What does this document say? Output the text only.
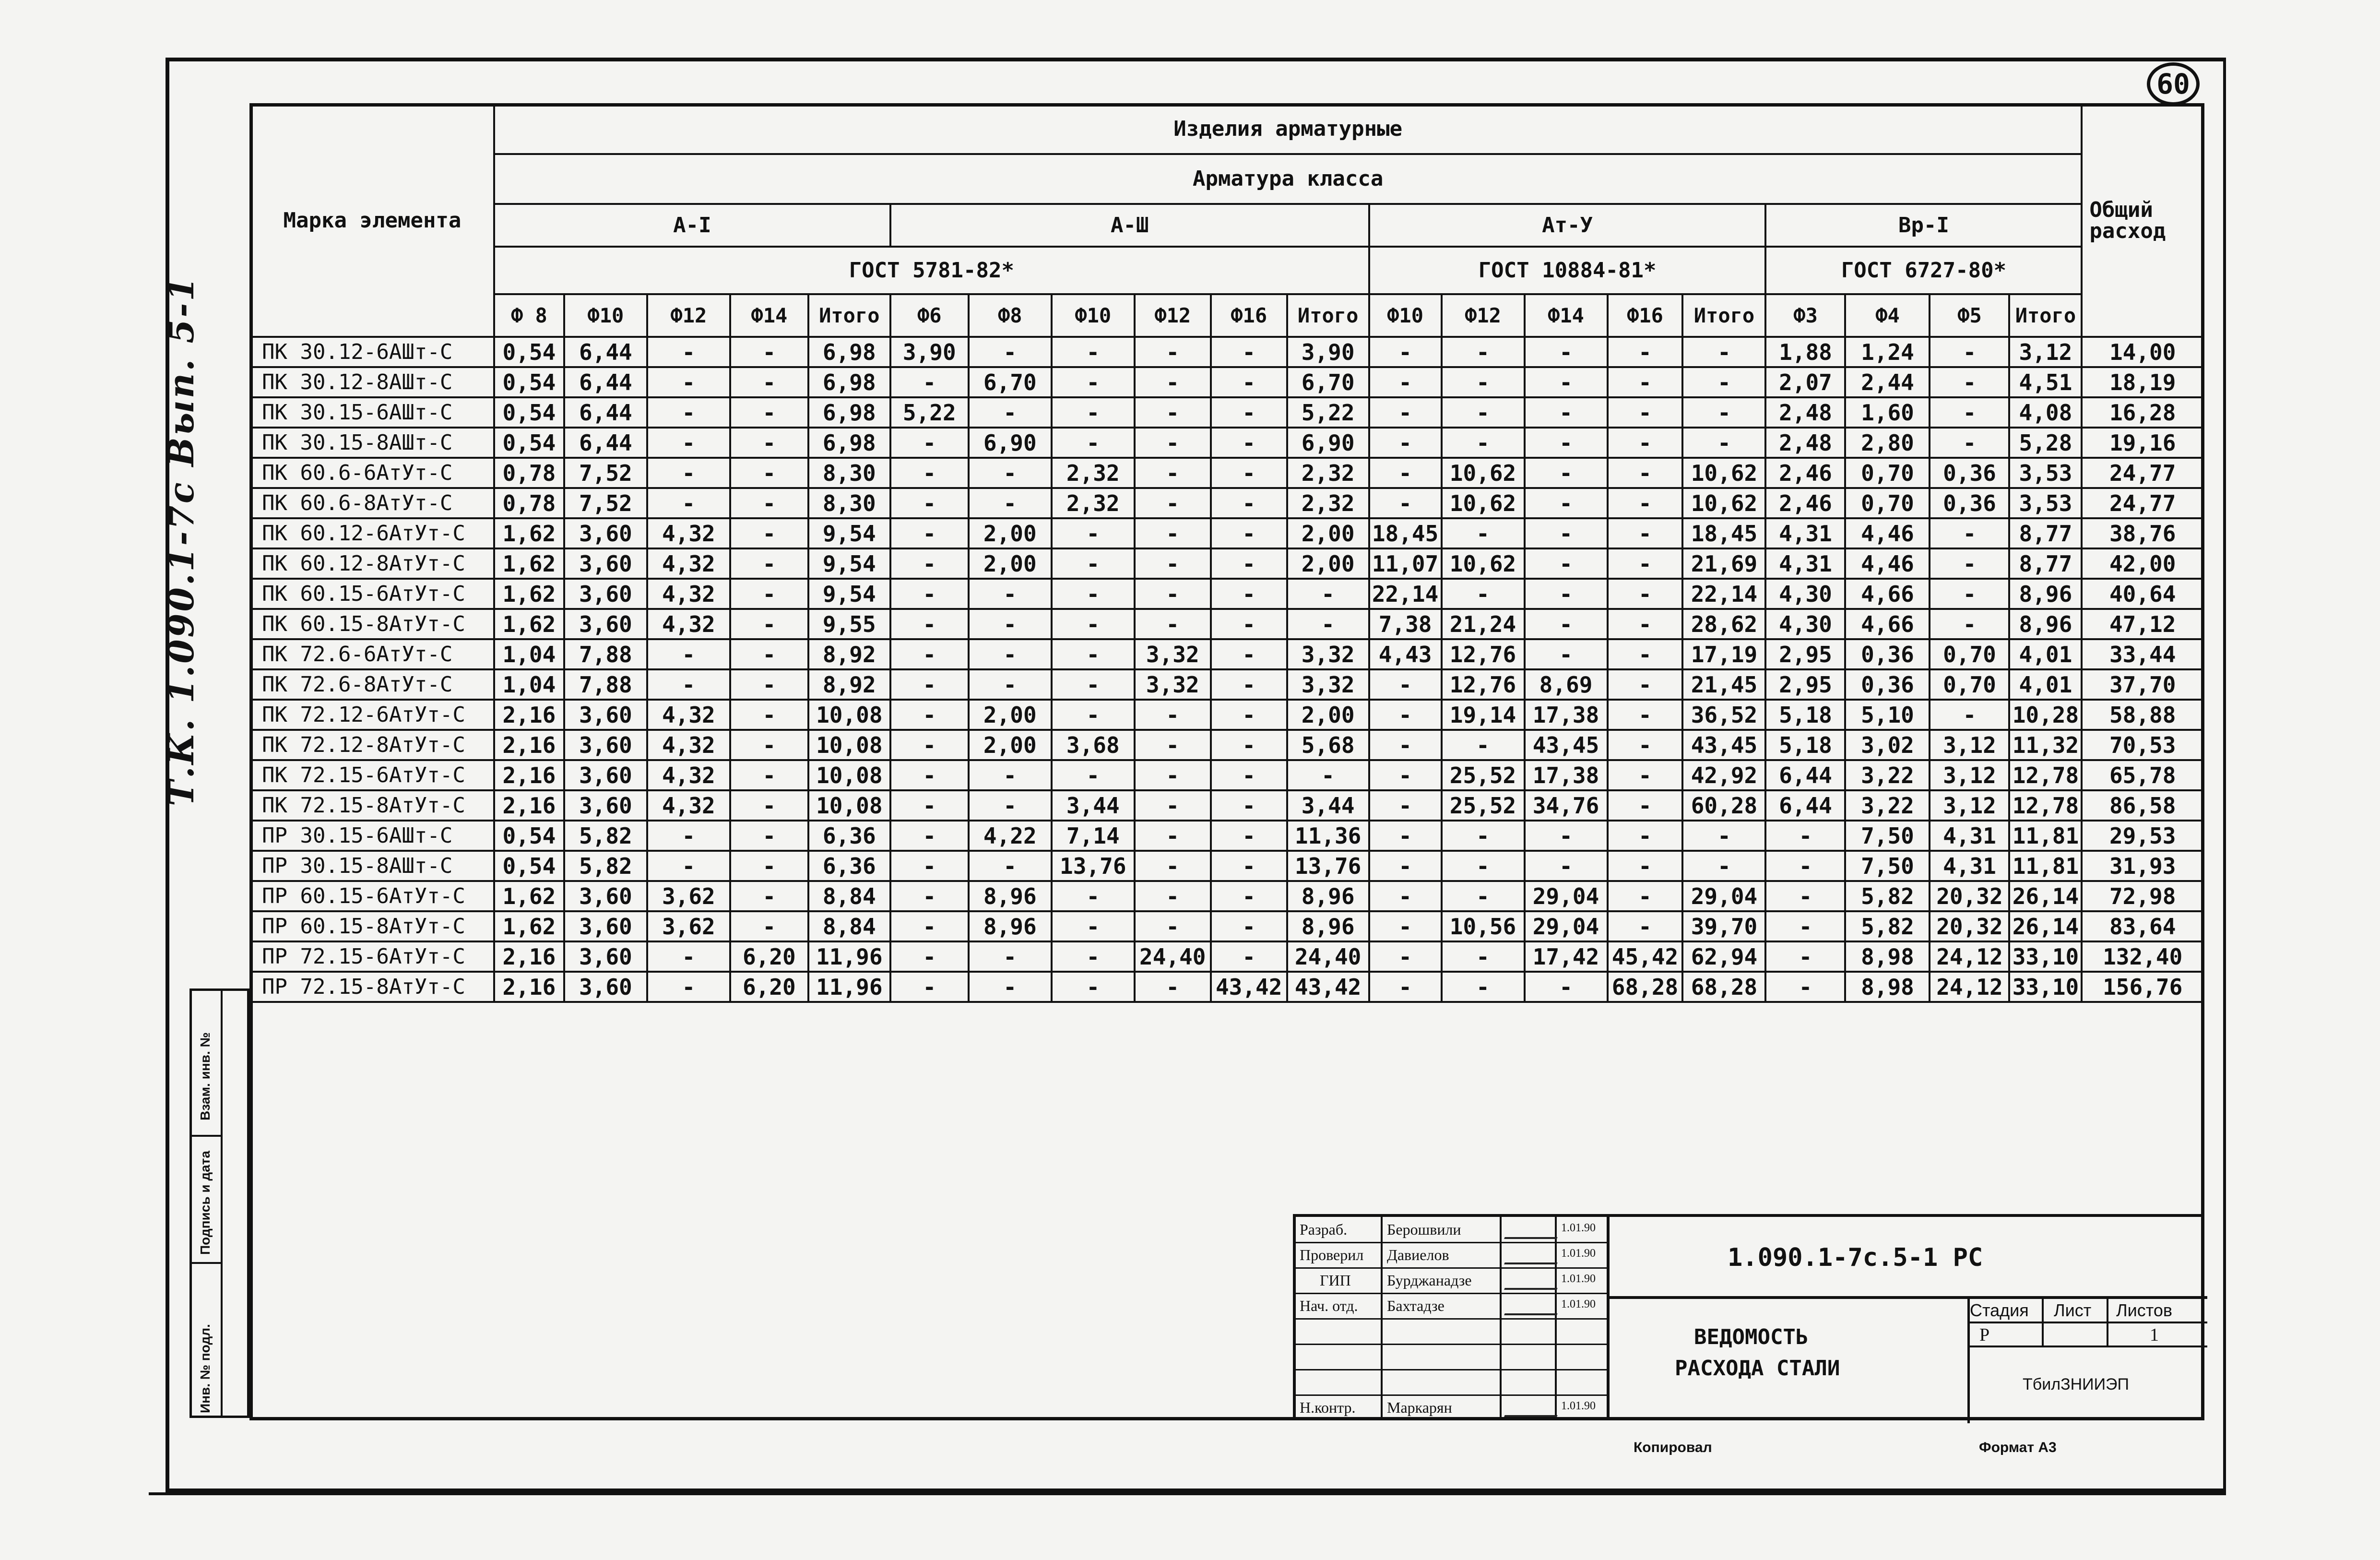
60
Т.К. 1.090.1-7с Вып. 5-1
Марка элемента	Изделия арматурные																				Общий расход
	Арматура класса																				
	А-I					А-Ш						Ат-У					Вр-I				
	ГОСТ 5781-82*											ГОСТ 10884-81*					ГОСТ 6727-80*				
	Ф 8	Ф10	Ф12	Ф14	Итого	Ф6	Ф8	Ф10	Ф12	Ф16	Итого	Ф10	Ф12	Ф14	Ф16	Итого	Ф3	Ф4	Ф5	Итого	
ПК 30.12-6АШт-С	0,54	6,44	-	-	6,98	3,90	-	-	-	-	3,90	-	-	-	-	-	1,88	1,24	-	3,12	14,00
ПК 30.12-8АШт-С	0,54	6,44	-	-	6,98	-	6,70	-	-	-	6,70	-	-	-	-	-	2,07	2,44	-	4,51	18,19
ПК 30.15-6АШт-С	0,54	6,44	-	-	6,98	5,22	-	-	-	-	5,22	-	-	-	-	-	2,48	1,60	-	4,08	16,28
ПК 30.15-8АШт-С	0,54	6,44	-	-	6,98	-	6,90	-	-	-	6,90	-	-	-	-	-	2,48	2,80	-	5,28	19,16
ПК 60.6-6АтУт-С	0,78	7,52	-	-	8,30	-	-	2,32	-	-	2,32	-	10,62	-	-	10,62	2,46	0,70	0,36	3,53	24,77
ПК 60.6-8АтУт-С	0,78	7,52	-	-	8,30	-	-	2,32	-	-	2,32	-	10,62	-	-	10,62	2,46	0,70	0,36	3,53	24,77
ПК 60.12-6АтУт-С	1,62	3,60	4,32	-	9,54	-	2,00	-	-	-	2,00	18,45	-	-	-	18,45	4,31	4,46	-	8,77	38,76
ПК 60.12-8АтУт-С	1,62	3,60	4,32	-	9,54	-	2,00	-	-	-	2,00	11,07	10,62	-	-	21,69	4,31	4,46	-	8,77	42,00
ПК 60.15-6АтУт-С	1,62	3,60	4,32	-	9,54	-	-	-	-	-	-	22,14	-	-	-	22,14	4,30	4,66	-	8,96	40,64
ПК 60.15-8АтУт-С	1,62	3,60	4,32	-	9,55	-	-	-	-	-	-	7,38	21,24	-	-	28,62	4,30	4,66	-	8,96	47,12
ПК 72.6-6АтУт-С	1,04	7,88	-	-	8,92	-	-	-	3,32	-	3,32	4,43	12,76	-	-	17,19	2,95	0,36	0,70	4,01	33,44
ПК 72.6-8АтУт-С	1,04	7,88	-	-	8,92	-	-	-	3,32	-	3,32	-	12,76	8,69	-	21,45	2,95	0,36	0,70	4,01	37,70
ПК 72.12-6АтУт-С	2,16	3,60	4,32	-	10,08	-	2,00	-	-	-	2,00	-	19,14	17,38	-	36,52	5,18	5,10	-	10,28	58,88
ПК 72.12-8АтУт-С	2,16	3,60	4,32	-	10,08	-	2,00	3,68	-	-	5,68	-	-	43,45	-	43,45	5,18	3,02	3,12	11,32	70,53
ПК 72.15-6АтУт-С	2,16	3,60	4,32	-	10,08	-	-	-	-	-	-	-	25,52	17,38	-	42,92	6,44	3,22	3,12	12,78	65,78
ПК 72.15-8АтУт-С	2,16	3,60	4,32	-	10,08	-	-	3,44	-	-	3,44	-	25,52	34,76	-	60,28	6,44	3,22	3,12	12,78	86,58
ПР 30.15-6АШт-С	0,54	5,82	-	-	6,36	-	4,22	7,14	-	-	11,36	-	-	-	-	-	-	7,50	4,31	11,81	29,53
ПР 30.15-8АШт-С	0,54	5,82	-	-	6,36	-	-	13,76	-	-	13,76	-	-	-	-	-	-	7,50	4,31	11,81	31,93
ПР 60.15-6АтУт-С	1,62	3,60	3,62	-	8,84	-	8,96	-	-	-	8,96	-	-	29,04	-	29,04	-	5,82	20,32	26,14	72,98
ПР 60.15-8АтУт-С	1,62	3,60	3,62	-	8,84	-	8,96	-	-	-	8,96	-	10,56	29,04	-	39,70	-	5,82	20,32	26,14	83,64
ПР 72.15-6АтУт-С	2,16	3,60	-	6,20	11,96	-	-	-	24,40	-	24,40	-	-	17,42	45,42	62,94	-	8,98	24,12	33,10	132,40
ПР 72.15-8АтУт-С	2,16	3,60	-	6,20	11,96	-	-	-	-	43,42	43,42	-	-	-	68,28	68,28	-	8,98	24,12	33,10	156,76

Инв. № подл.
Подпись и дата
Взам. инв. №
Разраб.
Проверил
ГИП
Нач. отд.
Н.контр.
Берошвили
Давиелов
Бурджанадзе
Бахтадзе
Маркарян
1.01.90
1.01.90
1.01.90
1.01.90
1.01.90
1.090.1-7с.5-1 РС
ВЕДОМОСТЬ
РАСХОДА СТАЛИ
Стадия Лист Листов
Р	1
ТбилЗНИИЭП
Копировал	Формат А3
